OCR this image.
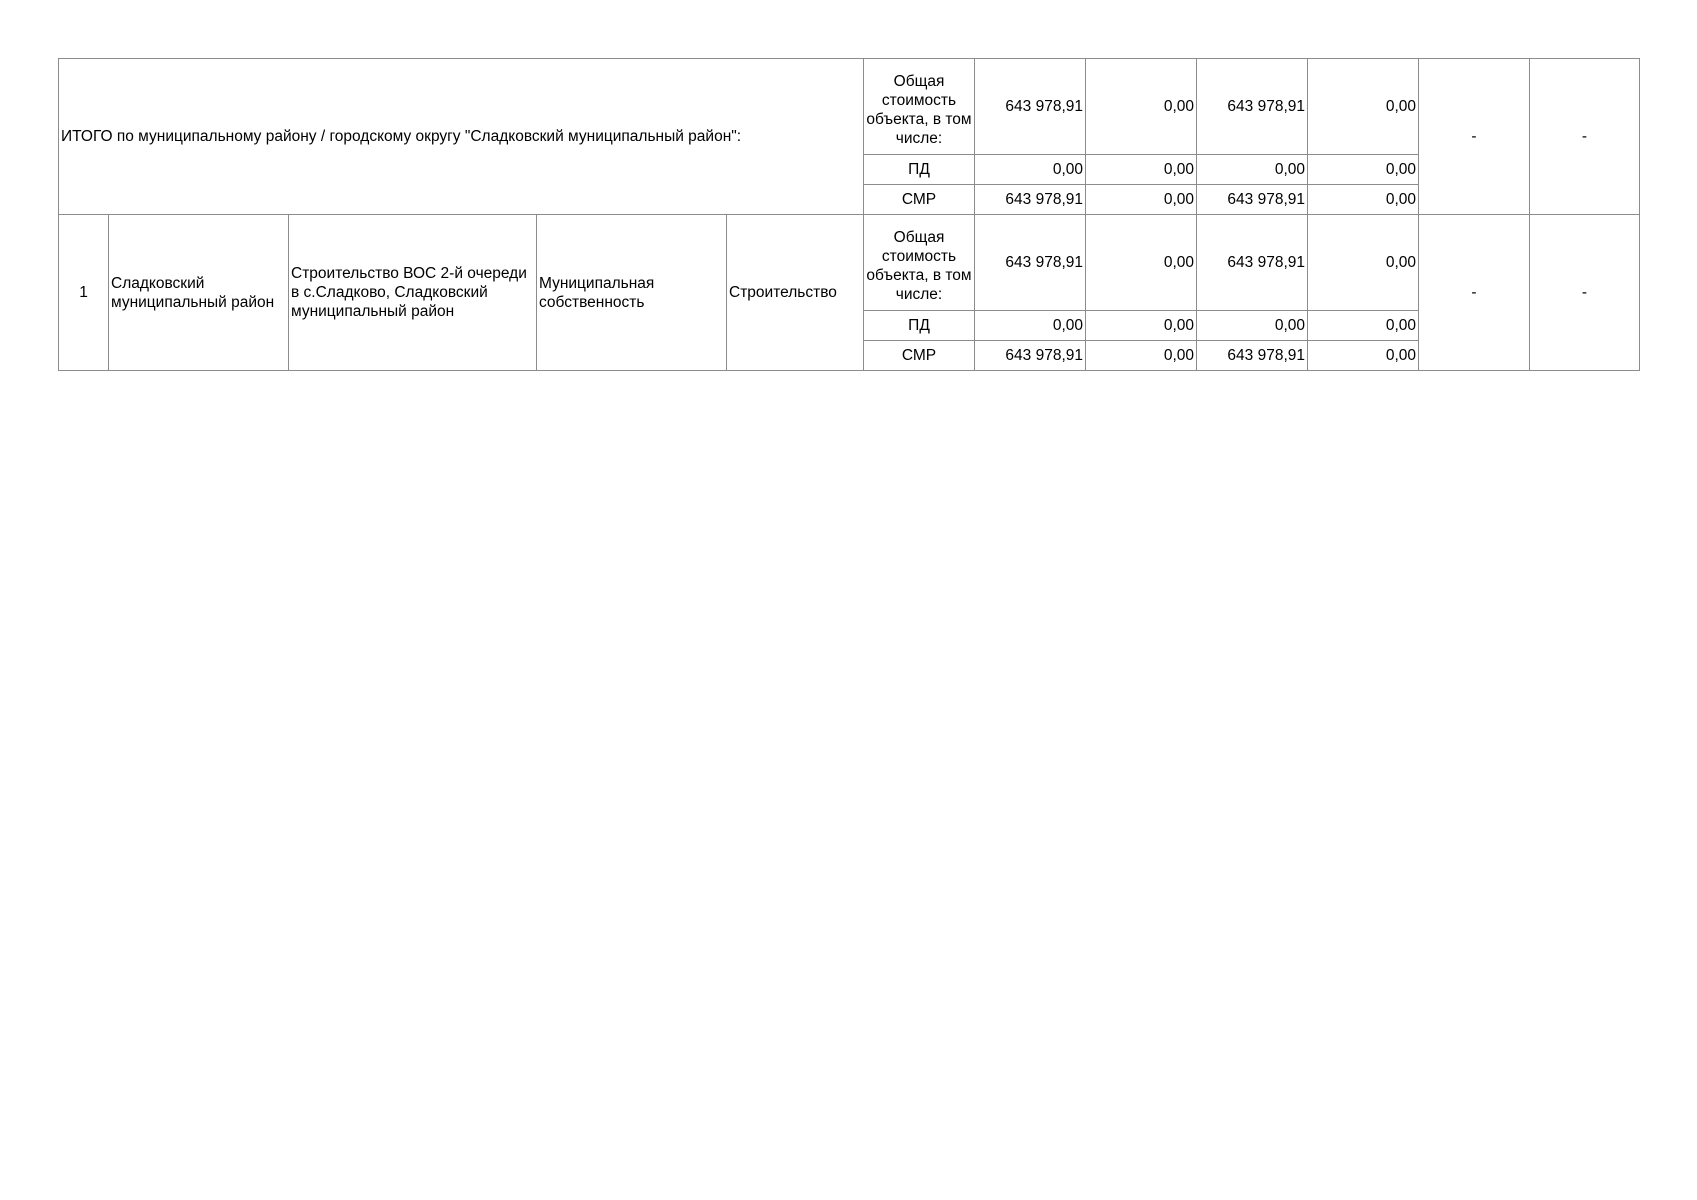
ИТОГО по муниципальному району / городскому округу "Сладковский муниципальный район":					Общая стоимость объекта, в том числе:	643 978,91	0,00	643 978,91	0,00	-	-
					ПД	0,00	0,00	0,00	0,00		
					СМР	643 978,91	0,00	643 978,91	0,00		
1	Сладковский муниципальный район	Строительство ВОС 2-й очереди в с.Сладково, Сладковский муниципальный район	Муниципальная собственность	Строительство	Общая стоимость объекта, в том числе:	643 978,91	0,00	643 978,91	0,00	-	-
					ПД	0,00	0,00	0,00	0,00		
					СМР	643 978,91	0,00	643 978,91	0,00		
